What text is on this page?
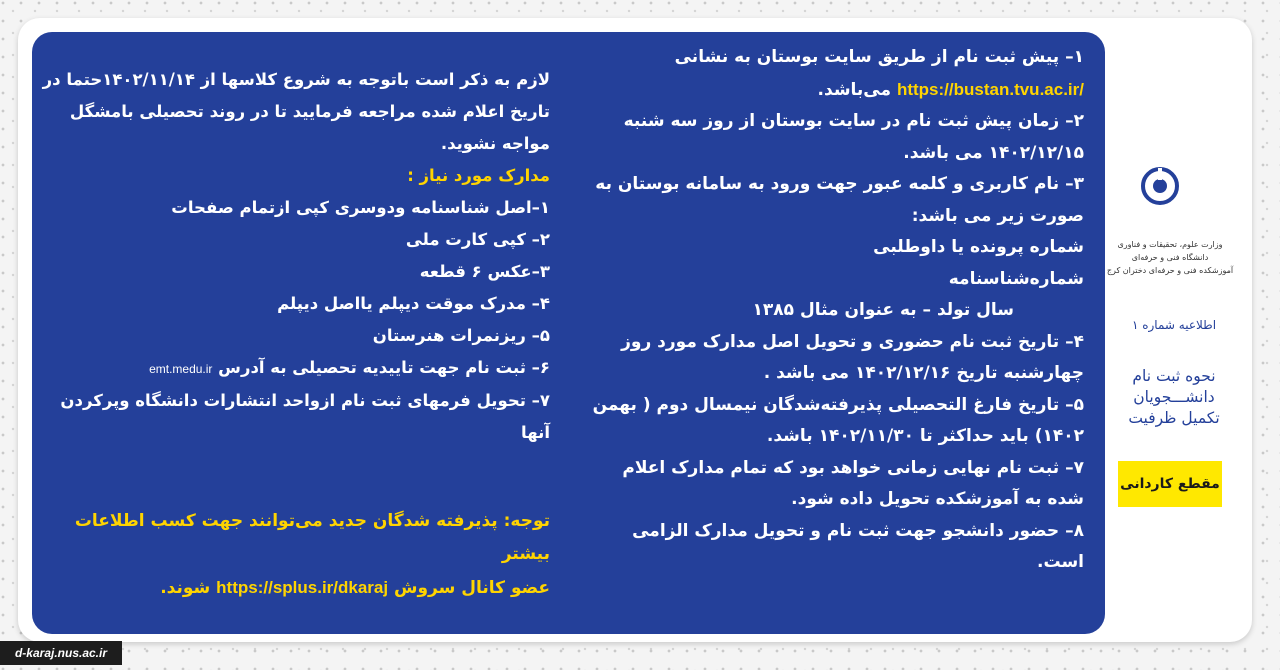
وزارت علوم، تحقیقات و فناوری

دانشگاه فنی و حرفه‌ای

آموزشکده فنی و حرفه‌ای دختران کرج

اطلاعیه شماره ۱

نحوه ثبت نام

دانشـــجویان

تکمیل ظرفیت

مقطع کاردانی

۱– پیش ثبت نام از طریق سایت بوستان به نشانی https://bustan.tvu.ac.ir/ می‌باشد.

۲– زمان پیش ثبت نام در سایت بوستان از روز سه شنبه ۱۴۰۲/۱۲/۱۵ می باشد.

۳– نام کاربری و کلمه عبور جهت ورود به سامانه بوستان به صورت زیر می باشد:

شماره پرونده یا داوطلبی

شماره‌شناسنامه

سال تولد – به عنوان مثال ۱۳۸۵

۴– تاریخ ثبت نام حضوری و تحویل اصل مدارک مورد روز چهارشنبه تاریخ ۱۴۰۲/۱۲/۱۶ می باشد .

۵– تاریخ فارغ التحصیلی پذیرفته‌شدگان نیمسال دوم ( بهمن ۱۴۰۲) باید حداکثر تا ۱۴۰۲/۱۱/۳۰ باشد.

۷– ثبت نام نهایی زمانی خواهد بود که تمام مدارک اعلام شده به آموزشکده تحویل داده شود.

۸– حضور دانشجو جهت ثبت نام و تحویل مدارک الزامی است.

لازم به ذکر است باتوجه به شروع کلاسها از ۱۴۰۲/۱۱/۱۴حتما در تاریخ اعلام شده مراجعه فرمایید تا در روند تحصیلی بامشگل مواجه نشوید.

مدارک مورد نیاز :

۱–اصل شناسنامه ودوسری کپی ازتمام صفحات

۲– کپی کارت ملی

۳–عکس ۶ قطعه

۴– مدرک موقت دیپلم یااصل دیپلم

۵– ریزنمرات هنرستان

۶– ثبت نام جهت تاییدیه تحصیلی به آدرس emt.medu.ir

۷– تحویل فرمهای ثبت نام ازواحد انتشارات دانشگاه وپرکردن آنها

توجه: پذیرفته شدگان جدید می‌توانند جهت کسب اطلاعات بیشتر

عضو کانال سروش https://splus.ir/dkaraj شوند.

d-karaj.nus.ac.ir
